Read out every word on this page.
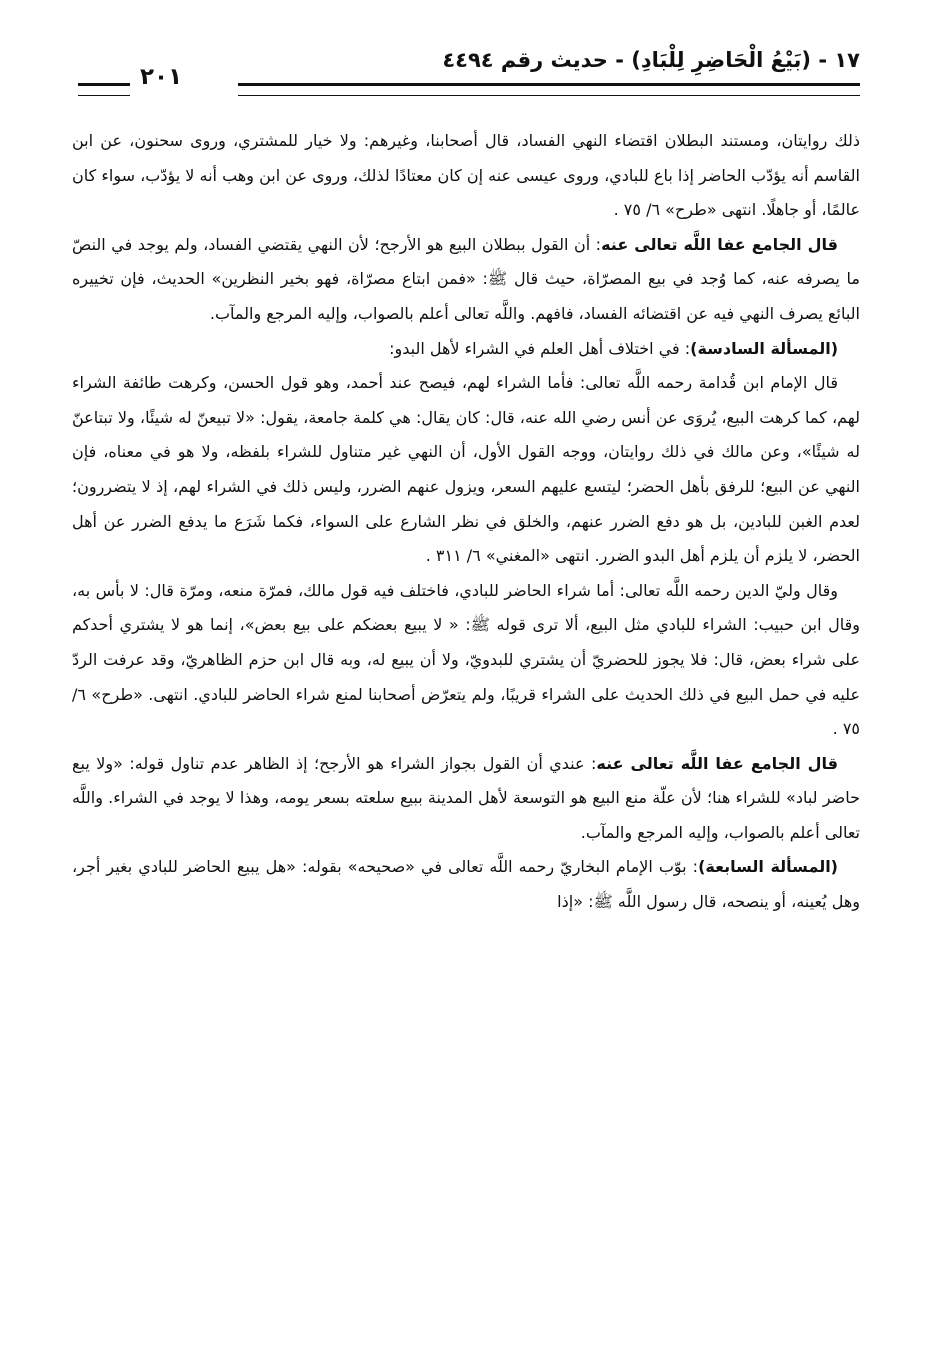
١٧ - (بَيْعُ الْحَاضِرِ لِلْبَادِ) - حديث رقم ٤٤٩٤
٢٠١

ذلك روايتان، ومستند البطلان اقتضاء النهي الفساد، قال أصحابنا، وغيرهم: ولا خيار للمشتري، وروى سحنون، عن ابن القاسم أنه يؤدّب الحاضر إذا باع للبادي، وروى عيسى عنه إن كان معتادًا لذلك، وروى عن ابن وهب أنه لا يؤدّب، سواء كان عالمًا، أو جاهلًا. انتهى «طرح» ٦/ ٧٥ .

قال الجامع عفا اللَّه تعالى عنه: أن القول ببطلان البيع هو الأرجح؛ لأن النهي يقتضي الفساد، ولم يوجد في النصّ ما يصرفه عنه، كما وُجد في بيع المصرّاة، حيث قال ﷺ: «فمن ابتاع مصرّاة، فهو بخير النظرين» الحديث، فإن تخييره البائع يصرف النهي فيه عن اقتضائه الفساد، فافهم. واللَّه تعالى أعلم بالصواب، وإليه المرجع والمآب.

(المسألة السادسة): في اختلاف أهل العلم في الشراء لأهل البدو:

قال الإمام ابن قُدامة رحمه اللَّه تعالى: فأما الشراء لهم، فيصح عند أحمد، وهو قول الحسن، وكرهت طائفة الشراء لهم، كما كرهت البيع، يُروَى عن أنس رضي الله عنه، قال: كان يقال: هي كلمة جامعة، يقول: «لا تبيعنّ له شيئًا، ولا تبتاعنّ له شيئًا»، وعن مالك في ذلك روايتان، ووجه القول الأول، أن النهي غير متناول للشراء بلفظه، ولا هو في معناه، فإن النهي عن البيع؛ للرفق بأهل الحضر؛ ليتسع عليهم السعر، ويزول عنهم الضرر، وليس ذلك في الشراء لهم، إذ لا يتضررون؛ لعدم الغبن للبادين، بل هو دفع الضرر عنهم، والخلق في نظر الشارع على السواء، فكما شَرَع ما يدفع الضرر عن أهل الحضر، لا يلزم أن يلزم أهل البدو الضرر. انتهى «المغني» ٦/ ٣١١ .

وقال وليّ الدين رحمه اللَّه تعالى: أما شراء الحاضر للبادي، فاختلف فيه قول مالك، فمرّة منعه، ومرّة قال: لا بأس به، وقال ابن حبيب: الشراء للبادي مثل البيع، ألا ترى قوله ﷺ: « لا يبيع بعضكم على بيع بعض»، إنما هو لا يشتري أحدكم على شراء بعض، قال: فلا يجوز للحضريّ أن يشتري للبدويّ، ولا أن يبيع له، وبه قال ابن حزم الظاهريّ، وقد عرفت الردّ عليه في حمل البيع في ذلك الحديث على الشراء قريبًا، ولم يتعرّض أصحابنا لمنع شراء الحاضر للبادي. انتهى. «طرح» ٦/ ٧٥ .

قال الجامع عفا اللَّه تعالى عنه: عندي أن القول بجواز الشراء هو الأرجح؛ إذ الظاهر عدم تناول قوله: «ولا يبع حاضر لباد» للشراء هنا؛ لأن علّة منع البيع هو التوسعة لأهل المدينة ببيع سلعته بسعر يومه، وهذا لا يوجد في الشراء. واللَّه تعالى أعلم بالصواب، وإليه المرجع والمآب.

(المسألة السابعة): بوّب الإمام البخاريّ رحمه اللَّه تعالى في «صحيحه» بقوله: «هل يبيع الحاضر للبادي بغير أجر، وهل يُعينه، أو ينصحه، قال رسول اللَّه ﷺ: «إذا
